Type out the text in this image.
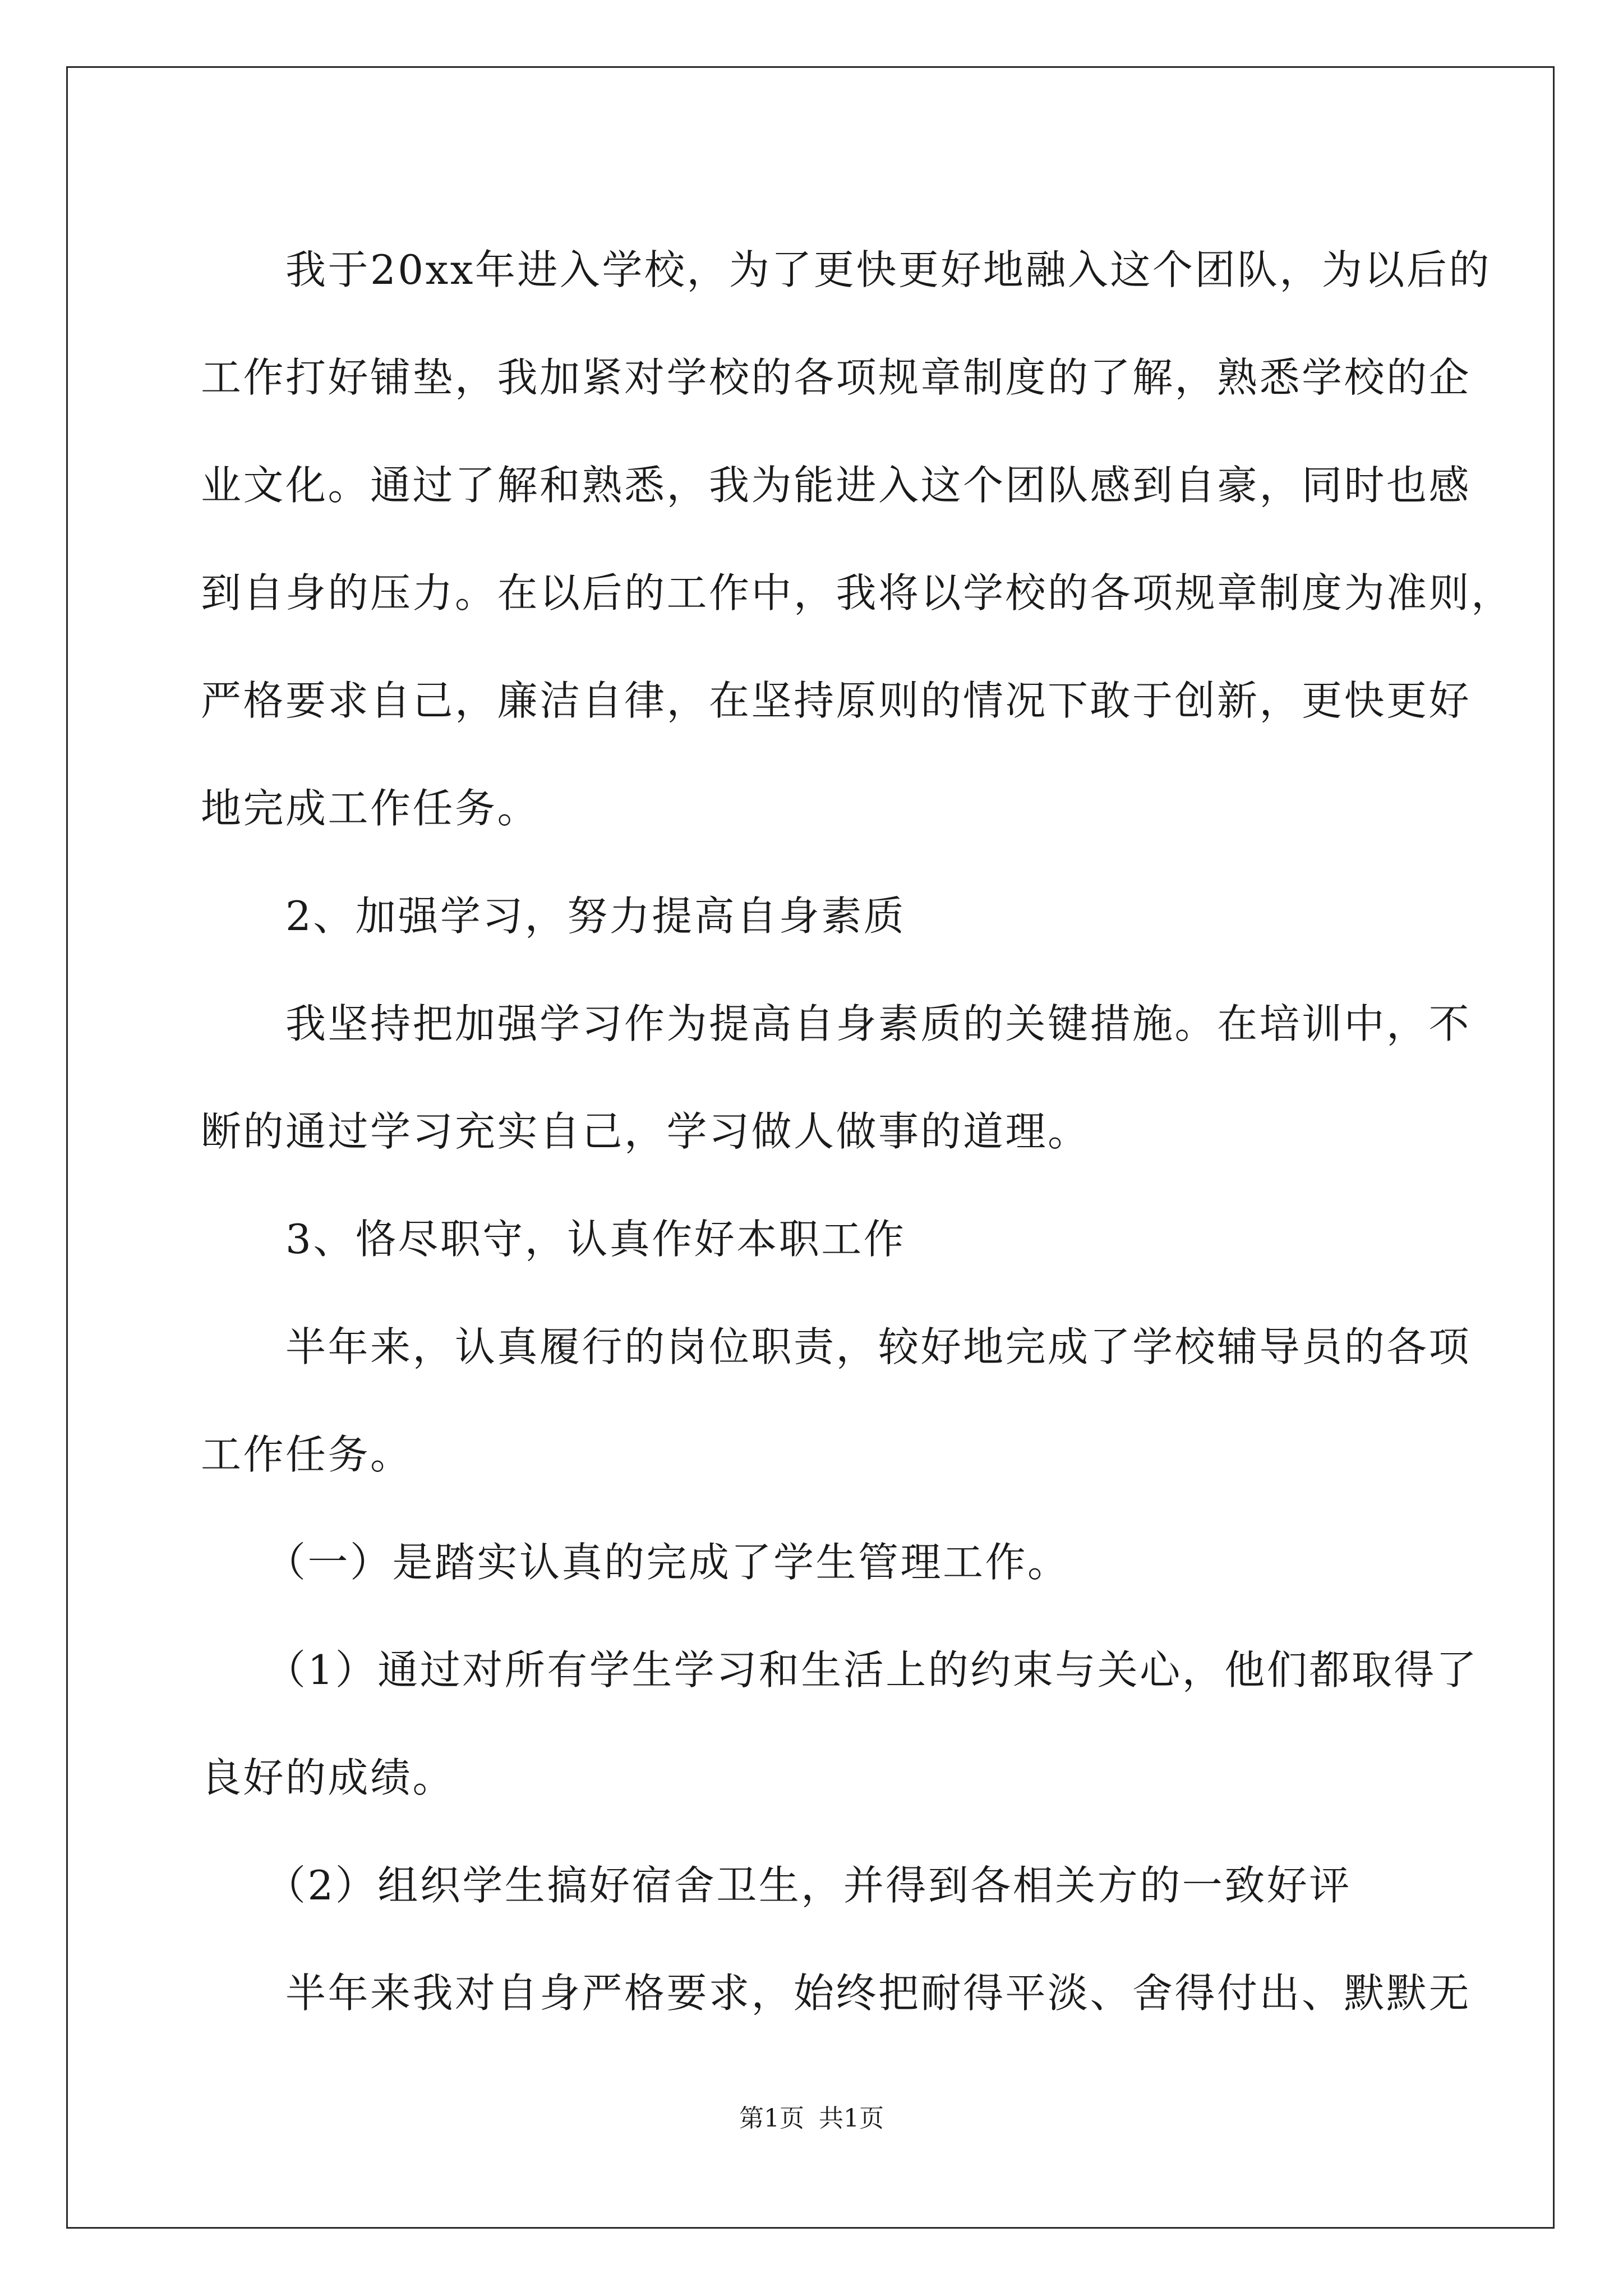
　　我于20xx年进入学校，为了更快更好地融入这个团队，为以后的
工作打好铺垫，我加紧对学校的各项规章制度的了解，熟悉学校的企
业文化。通过了解和熟悉，我为能进入这个团队感到自豪，同时也感
到自身的压力。在以后的工作中，我将以学校的各项规章制度为准则，
严格要求自己，廉洁自律，在坚持原则的情况下敢于创新，更快更好
地完成工作任务。
　　2、加强学习，努力提高自身素质
　　我坚持把加强学习作为提高自身素质的关键措施。在培训中，不
断的通过学习充实自己，学习做人做事的道理。
　　3、恪尽职守，认真作好本职工作
　　半年来，认真履行的岗位职责，较好地完成了学校辅导员的各项
工作任务。
　　（一）是踏实认真的完成了学生管理工作。
　　（1）通过对所有学生学习和生活上的约束与关心，他们都取得了
良好的成绩。
　　（2）组织学生搞好宿舍卫生，并得到各相关方的一致好评
　　半年来我对自身严格要求，始终把耐得平淡、舍得付出、默默无

第1页 共1页
